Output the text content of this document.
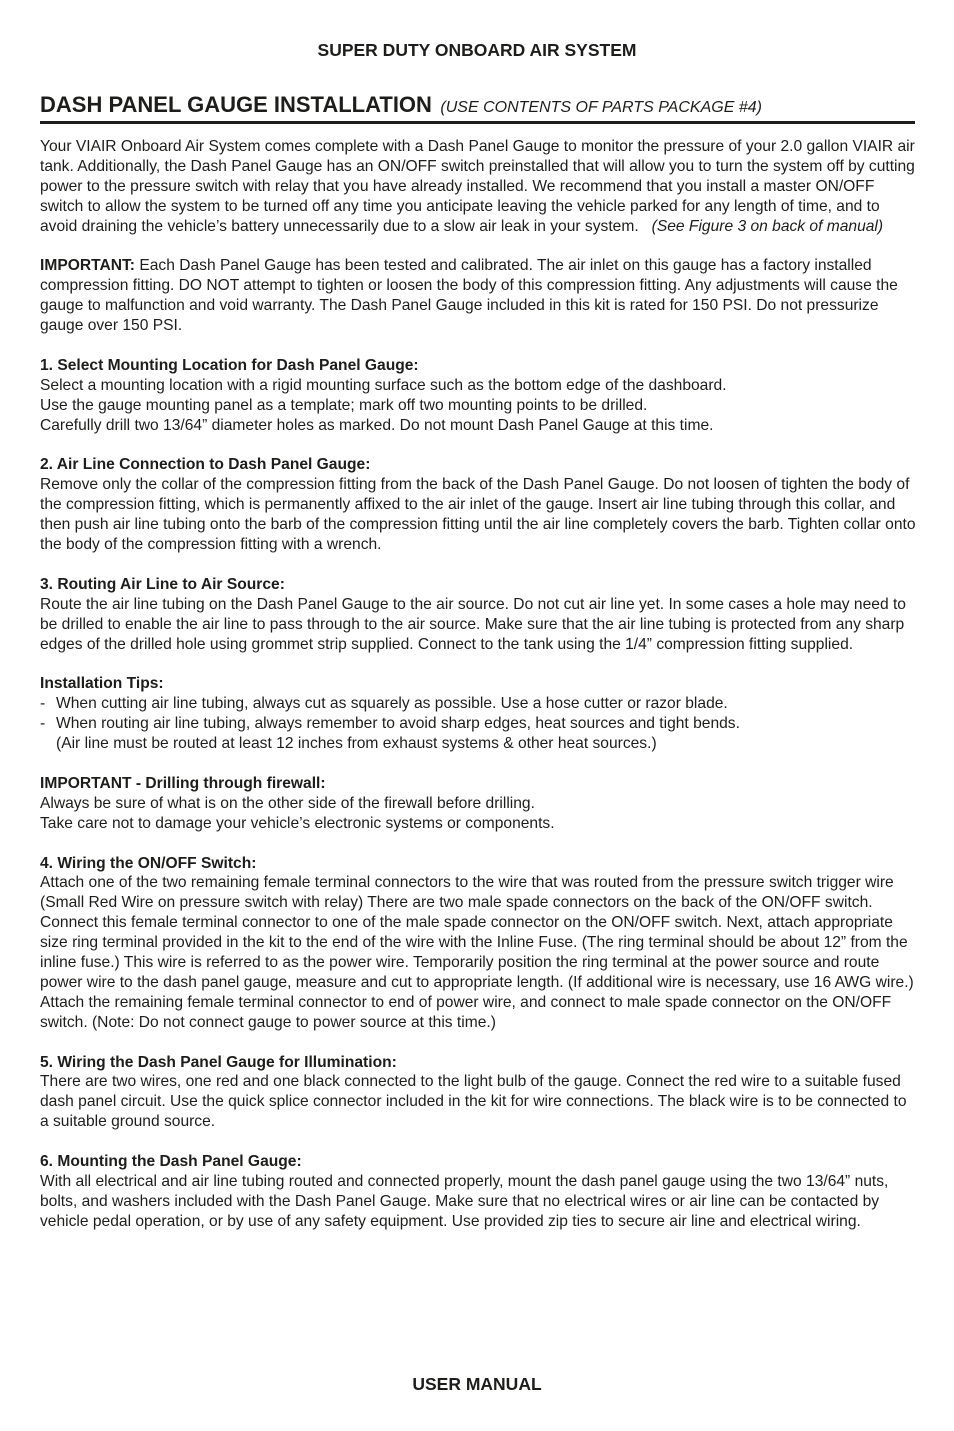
SUPER DUTY ONBOARD AIR SYSTEM
DASH PANEL GAUGE INSTALLATION (USE CONTENTS OF PARTS PACKAGE #4)

Your VIAIR Onboard Air System comes complete with a Dash Panel Gauge to monitor the pressure of your 2.0 gallon VIAIR air tank. Additionally, the Dash Panel Gauge has an ON/OFF switch preinstalled that will allow you to turn the system off by cutting power to the pressure switch with relay that you have already installed. We recommend that you install a master ON/OFF switch to allow the system to be turned off any time you anticipate leaving the vehicle parked for any length of time, and to avoid draining the vehicle’s battery unnecessarily due to a slow air leak in your system. (See Figure 3 on back of manual)

IMPORTANT: Each Dash Panel Gauge has been tested and calibrated. The air inlet on this gauge has a factory installed compression fitting. DO NOT attempt to tighten or loosen the body of this compression fitting. Any adjustments will cause the gauge to malfunction and void warranty. The Dash Panel Gauge included in this kit is rated for 150 PSI. Do not pressurize gauge over 150 PSI.

1. Select Mounting Location for Dash Panel Gauge:
Select a mounting location with a rigid mounting surface such as the bottom edge of the dashboard.
Use the gauge mounting panel as a template; mark off two mounting points to be drilled.
Carefully drill two 13/64” diameter holes as marked. Do not mount Dash Panel Gauge at this time.

2. Air Line Connection to Dash Panel Gauge:
Remove only the collar of the compression fitting from the back of the Dash Panel Gauge. Do not loosen of tighten the body of the compression fitting, which is permanently affixed to the air inlet of the gauge. Insert air line tubing through this collar, and then push air line tubing onto the barb of the compression fitting until the air line completely covers the barb. Tighten collar onto the body of the compression fitting with a wrench.

3. Routing Air Line to Air Source:
Route the air line tubing on the Dash Panel Gauge to the air source. Do not cut air line yet. In some cases a hole may need to be drilled to enable the air line to pass through to the air source. Make sure that the air line tubing is protected from any sharp edges of the drilled hole using grommet strip supplied. Connect to the tank using the 1/4” compression fitting supplied.

Installation Tips:
- When cutting air line tubing, always cut as squarely as possible. Use a hose cutter or razor blade.
- When routing air line tubing, always remember to avoid sharp edges, heat sources and tight bends.
(Air line must be routed at least 12 inches from exhaust systems & other heat sources.)

IMPORTANT - Drilling through firewall:
Always be sure of what is on the other side of the firewall before drilling.
Take care not to damage your vehicle’s electronic systems or components.

4. Wiring the ON/OFF Switch:
Attach one of the two remaining female terminal connectors to the wire that was routed from the pressure switch trigger wire (Small Red Wire on pressure switch with relay) There are two male spade connectors on the back of the ON/OFF switch. Connect this female terminal connector to one of the male spade connector on the ON/OFF switch. Next, attach appropriate size ring terminal provided in the kit to the end of the wire with the Inline Fuse. (The ring terminal should be about 12” from the inline fuse.) This wire is referred to as the power wire. Temporarily position the ring terminal at the power source and route power wire to the dash panel gauge, measure and cut to appropriate length. (If additional wire is necessary, use 16 AWG wire.) Attach the remaining female terminal connector to end of power wire, and connect to male spade connector on the ON/OFF switch. (Note: Do not connect gauge to power source at this time.)

5. Wiring the Dash Panel Gauge for Illumination:
There are two wires, one red and one black connected to the light bulb of the gauge. Connect the red wire to a suitable fused dash panel circuit. Use the quick splice connector included in the kit for wire connections. The black wire is to be connected to a suitable ground source.

6. Mounting the Dash Panel Gauge:
With all electrical and air line tubing routed and connected properly, mount the dash panel gauge using the two 13/64” nuts, bolts, and washers included with the Dash Panel Gauge. Make sure that no electrical wires or air line can be contacted by vehicle pedal operation, or by use of any safety equipment. Use provided zip ties to secure air line and electrical wiring.

USER MANUAL
